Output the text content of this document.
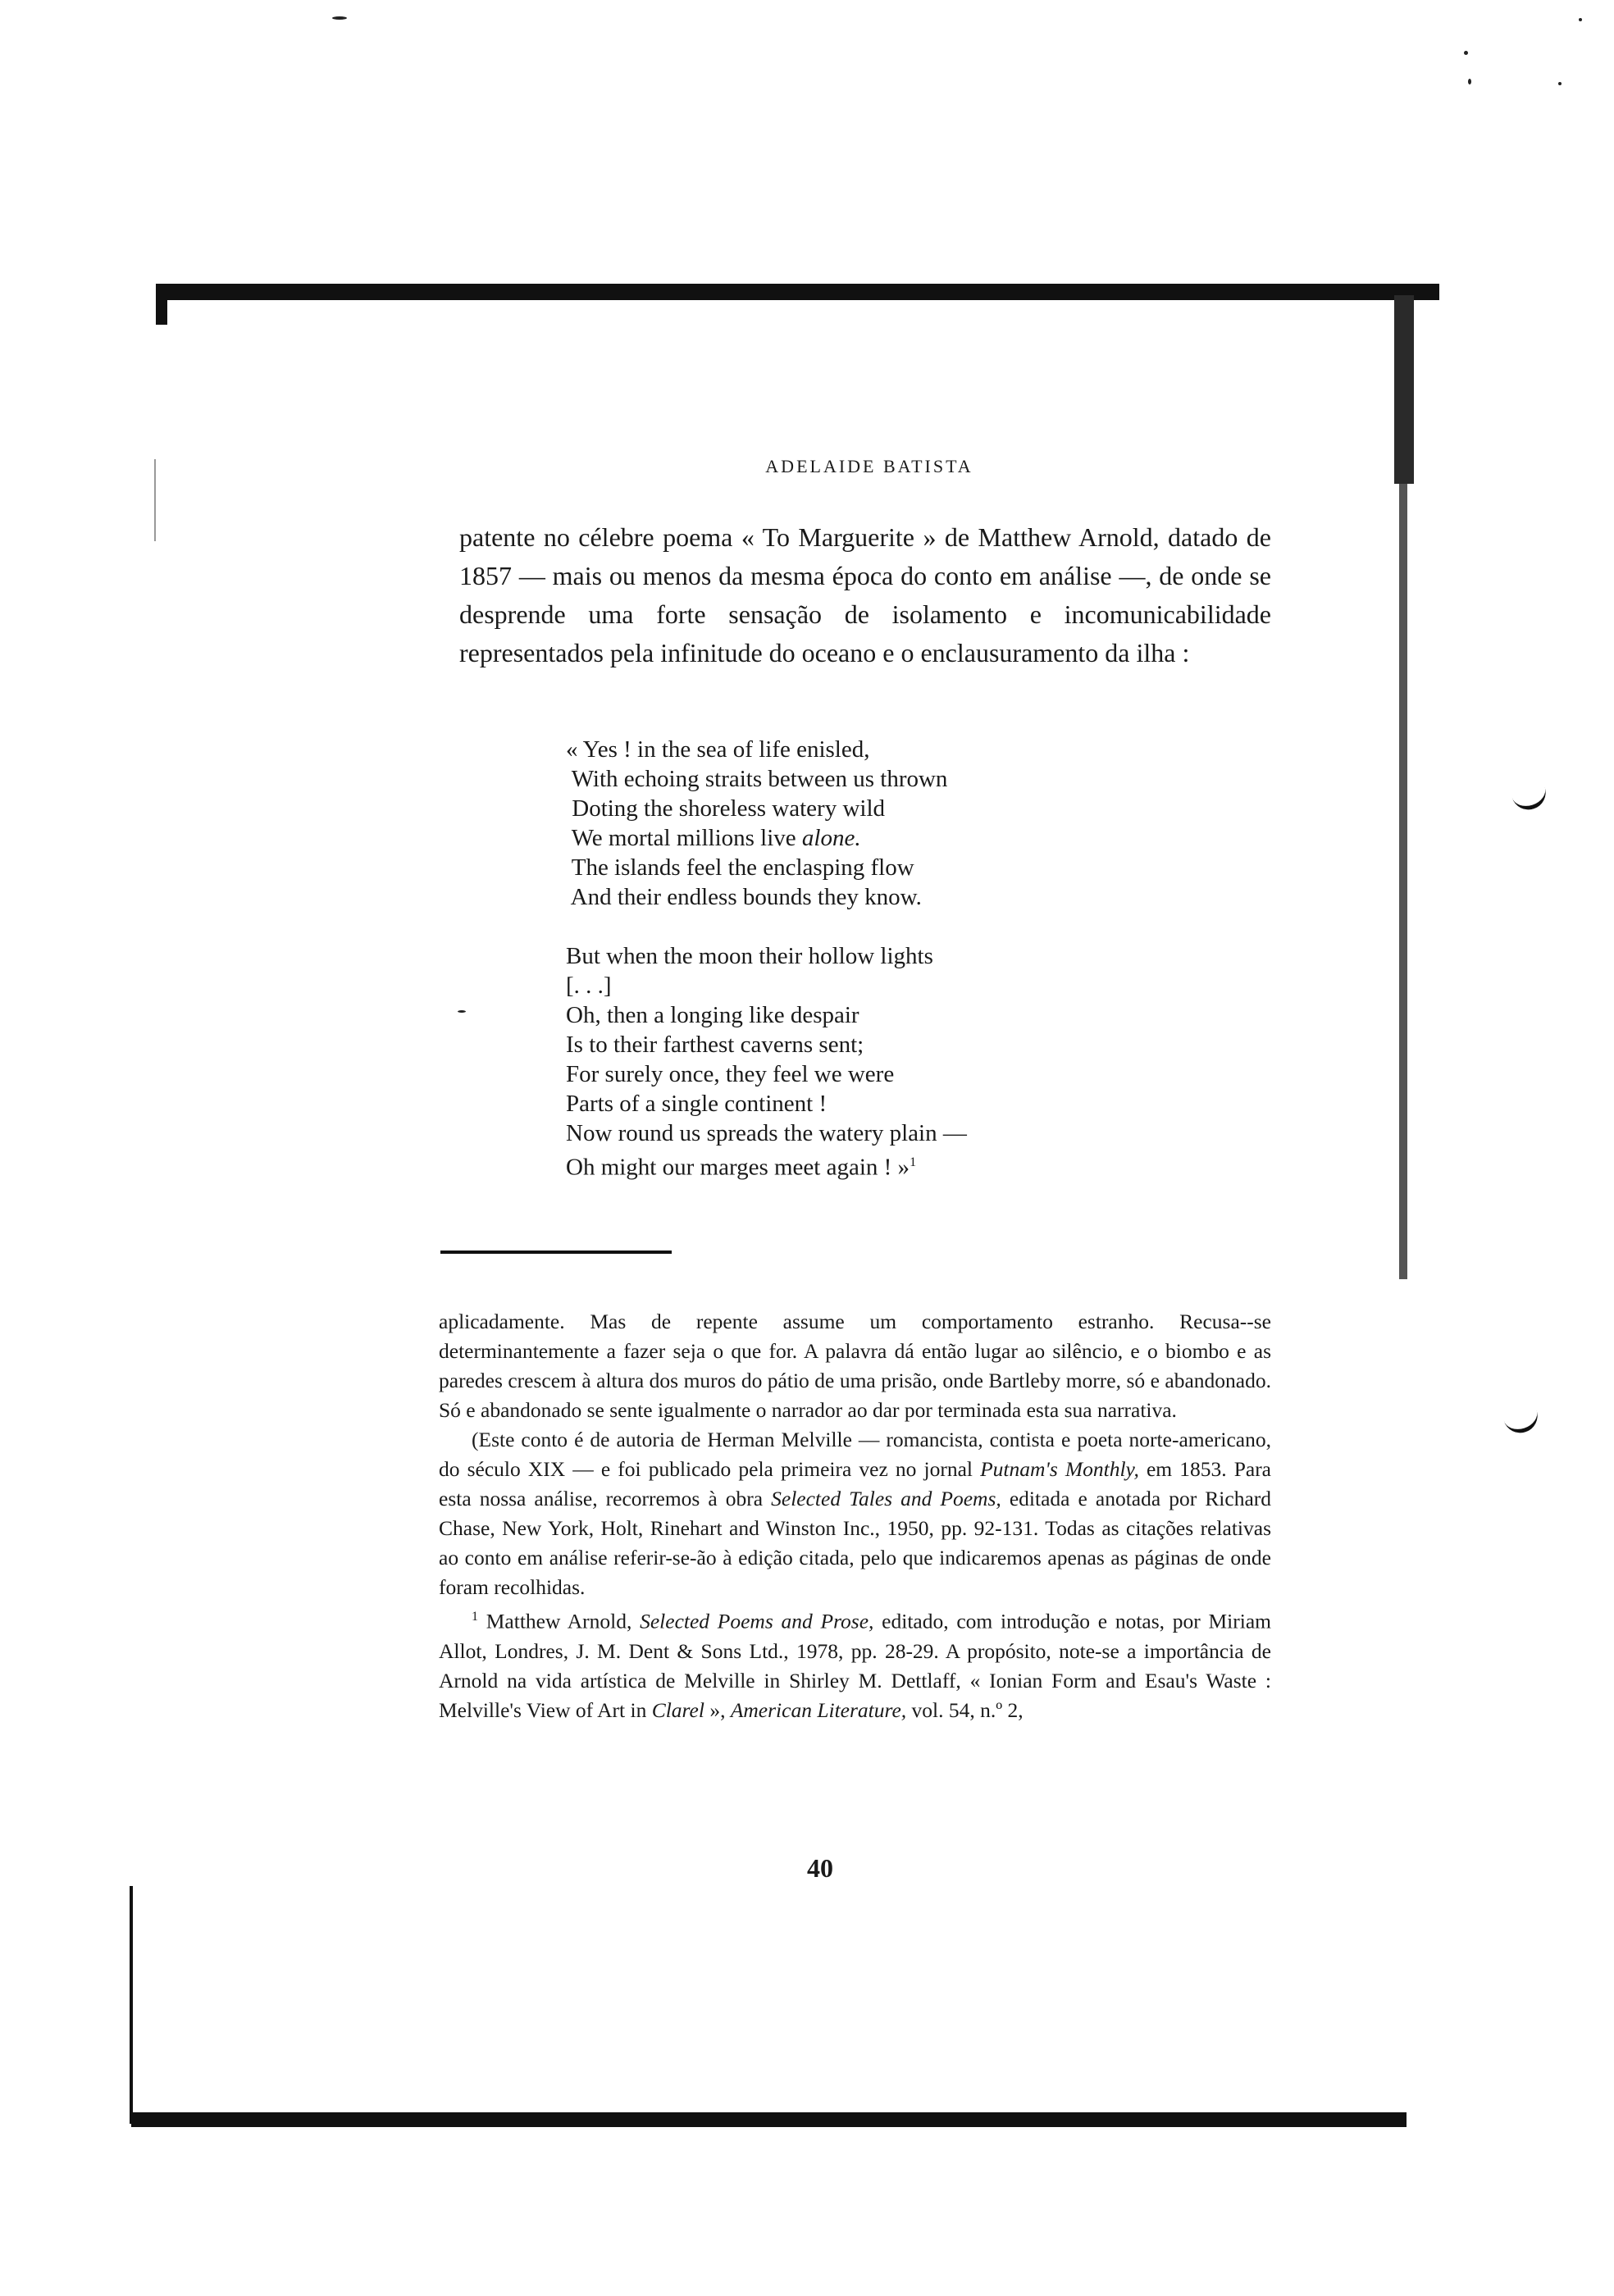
ADELAIDE BATISTA

patente no célebre poema « To Marguerite » de Matthew Arnold, datado de 1857 — mais ou menos da mesma época do conto em análise —, de onde se desprende uma forte sensação de isolamento e incomunicabilidade representados pela infinitude do oceano e o enclausuramento da ilha :

« Yes ! in the sea of life enisled,
With echoing straits between us thrown
Doting the shoreless watery wild
We mortal millions live alone.
The islands feel the enclasping flow
And their endless bounds they know.
But when the moon their hollow lights
[. . .]
Oh, then a longing like despair
Is to their farthest caverns sent;
For surely once, they feel we were
Parts of a single continent !
Now round us spreads the watery plain —
Oh might our marges meet again ! »$^1$

aplicadamente. Mas de repente assume um comportamento estranho. Recusa--se determinantemente a fazer seja o que for. A palavra dá então lugar ao silêncio, e o biombo e as paredes crescem à altura dos muros do pátio de uma prisão, onde Bartleby morre, só e abandonado. Só e abandonado se sente igualmente o narrador ao dar por terminada esta sua narrativa.

(Este conto é de autoria de Herman Melville — romancista, contista e poeta norte-americano, do século XIX — e foi publicado pela primeira vez no jornal Putnam's Monthly, em 1853. Para esta nossa análise, recorremos à obra Selected Tales and Poems, editada e anotada por Richard Chase, New York, Holt, Rinehart and Winston Inc., 1950, pp. 92-131. Todas as citações relativas ao conto em análise referir-se-ão à edição citada, pelo que indicaremos apenas as páginas de onde foram recolhidas.

$^1$ Matthew Arnold, Selected Poems and Prose, editado, com introdução e notas, por Miriam Allot, Londres, J. M. Dent & Sons Ltd., 1978, pp. 28-29. A propósito, note-se a importância de Arnold na vida artística de Melville in Shirley M. Dettlaff, « Ionian Form and Esau's Waste : Melville's View of Art in Clarel », American Literature, vol. 54, n.º 2,

40
